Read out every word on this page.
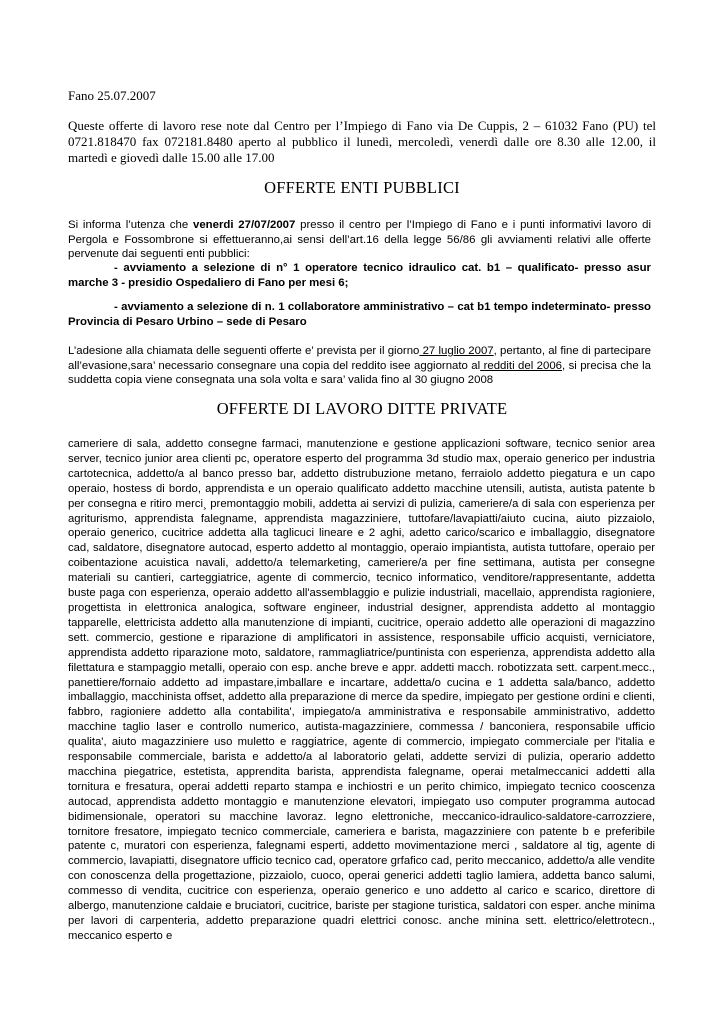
Fano 25.07.2007

Queste offerte di lavoro rese note dal Centro per l’Impiego di Fano via De Cuppis, 2 – 61032 Fano (PU) tel 0721.818470 fax 072181.8480 aperto al pubblico il lunedì, mercoledì, venerdì dalle ore 8.30 alle 12.00, il martedì e giovedì dalle 15.00 alle 17.00

OFFERTE ENTI PUBBLICI

Si informa l’utenza che venerdi 27/07/2007 presso il centro per l’Impiego di Fano e i punti informativi lavoro di Pergola e Fossombrone si effettueranno,ai sensi dell’art.16 della legge 56/86 gli avviamenti relativi alle offerte pervenute dai seguenti enti pubblici:

- avviamento a selezione di n° 1 operatore tecnico idraulico cat. b1 – qualificato- presso asur marche 3 - presidio Ospedaliero di Fano per mesi 6;

- avviamento a selezione di n. 1 collaboratore amministrativo – cat b1 tempo indeterminato- presso Provincia di Pesaro Urbino – sede di Pesaro

L’adesione alla chiamata delle seguenti offerte e’ prevista per il giorno 27 luglio 2007, pertanto, al fine di partecipare all’evasione,sara’ necessario consegnare una copia del reddito isee aggiornato al redditi del 2006, si precisa che la suddetta copia viene consegnata una sola volta e sara’ valida fino al 30 giugno 2008

OFFERTE DI LAVORO DITTE PRIVATE

cameriere di sala, addetto consegne farmaci, manutenzione e gestione applicazioni software, tecnico senior area server, tecnico junior area clienti pc, operatore esperto del programma 3d studio max, operaio generico per industria cartotecnica, addetto/a al banco presso bar, addetto distrubuzione metano, ferraiolo addetto piegatura e un capo operaio, hostess di bordo, apprendista e un operaio qualificato addetto macchine utensili, autista, autista patente b per consegna e ritiro merci¸ premontaggio mobili, addetta ai servizi di pulizia, cameriere/a di sala con esperienza per agriturismo, apprendista falegname, apprendista magazziniere, tuttofare/lavapiatti/aiuto cucina, aiuto pizzaiolo, operaio generico, cucitrice addetta alla taglicuci lineare e 2 aghi, adetto carico/scarico e imballaggio, disegnatore cad, saldatore, disegnatore autocad, esperto addetto al montaggio, operaio impiantista, autista tuttofare, operaio per coibentazione acuistica navali, addetto/a telemarketing, cameriere/a per fine settimana, autista per consegne materiali su cantieri, carteggiatrice, agente di commercio, tecnico informatico, venditore/rappresentante, addetta buste paga con esperienza, operaio addetto all'assemblaggio e pulizie industriali, macellaio, apprendista ragioniere, progettista in elettronica analogica, software engineer, industrial designer, apprendista addetto al montaggio tapparelle, elettricista addetto alla manutenzione di impianti, cucitrice, operaio addetto alle operazioni di magazzino sett. commercio, gestione e riparazione di amplificatori in assistence, responsabile ufficio acquisti, verniciatore, apprendista addetto riparazione moto, saldatore, rammagliatrice/puntinista con esperienza, apprendista addetto alla filettatura e stampaggio metalli, operaio con esp. anche breve e appr. addetti macch. robotizzata sett. carpent.mecc., panettiere/fornaio addetto ad impastare,imballare e incartare, addetta/o cucina e 1 addetta sala/banco, addetto imballaggio, macchinista offset, addetto alla preparazione di merce da spedire, impiegato per gestione ordini e clienti, fabbro, ragioniere addetto alla contabilita', impiegato/a amministrativa e responsabile amministrativo, addetto macchine taglio laser e controllo numerico, autista-magazziniere, commessa / banconiera, responsabile ufficio qualita', aiuto magazziniere uso muletto e raggiatrice, agente di commercio, impiegato commerciale per l'italia e responsabile commerciale, barista e addetto/a al laboratorio gelati, addette servizi di pulizia, operario addetto macchina piegatrice, estetista, apprendita barista, apprendista falegname, operai metalmeccanici addetti alla tornitura e fresatura, operai addetti reparto stampa e inchiostri e un perito chimico, impiegato tecnico cooscenza autocad, apprendista addetto montaggio e manutenzione elevatori, impiegato uso computer programma autocad bidimensionale, operatori su macchine lavoraz. legno elettroniche, meccanico-idraulico-saldatore-carrozziere, tornitore fresatore, impiegato tecnico commerciale, cameriera e barista, magazziniere con patente b e preferibile patente c, muratori con esperienza, falegnami esperti, addetto movimentazione merci , saldatore al tig, agente di commercio, lavapiatti, disegnatore ufficio tecnico cad, operatore grfafico cad, perito meccanico, addetto/a alle vendite con conoscenza della progettazione, pizzaiolo, cuoco, operai generici addetti taglio lamiera, addetta banco salumi, commesso di vendita, cucitrice con esperienza, operaio generico e uno addetto al carico e scarico, direttore di albergo, manutenzione caldaie e bruciatori, cucitrice, bariste per stagione turistica, saldatori con esper. anche minima per lavori di carpenteria, addetto preparazione quadri elettrici conosc. anche minina sett. elettrico/elettrotecn., meccanico esperto e
